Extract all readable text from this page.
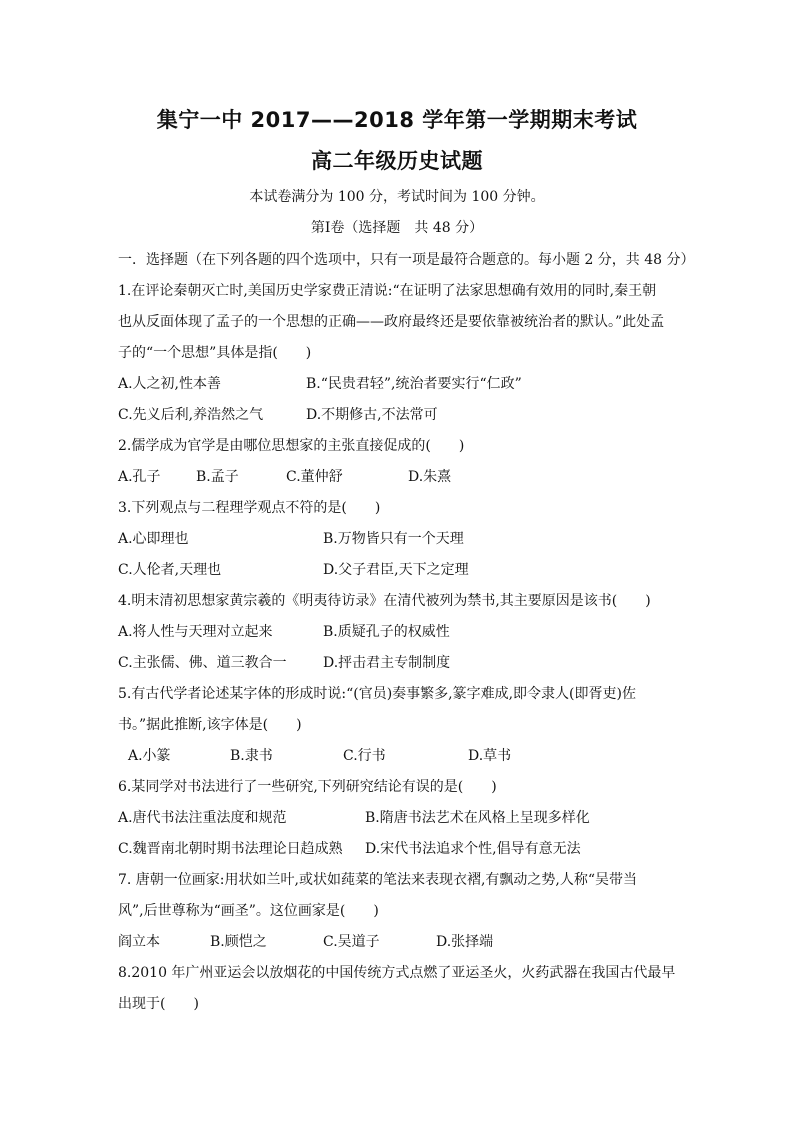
集宁一中 2017——2018 学年第一学期期末考试
高二年级历史试题
本试卷满分为 100 分，考试时间为 100 分钟。
第Ⅰ卷（选择题　共 48 分）
一．选择题（在下列各题的四个选项中，只有一项是最符合题意的。每小题 2 分，共 48 分）
1.在评论秦朝灭亡时,美国历史学家费正清说:“在证明了法家思想确有效用的同时,秦王朝
也从反面体现了孟子的一个思想的正确——政府最终还是要依靠被统治者的默认。”此处孟
子的“一个思想”具体是指(　　)
A.人之初,性本善	B.“民贵君轻”,统治者要实行“仁政”
C.先义后利,养浩然之气	D.不期修古,不法常可
2.儒学成为官学是由哪位思想家的主张直接促成的(　　)
A.孔子	B.孟子	C.董仲舒	D.朱熹
3.下列观点与二程理学观点不符的是(　　)
A.心即理也	B.万物皆只有一个天理
C.人伦者,天理也	D.父子君臣,天下之定理
4.明末清初思想家黄宗羲的《明夷待访录》在清代被列为禁书,其主要原因是该书(　　)
A.将人性与天理对立起来	B.质疑孔子的权威性
C.主张儒、佛、道三教合一	D.抨击君主专制制度
5.有古代学者论述某字体的形成时说:“(官员)奏事繁多,篆字难成,即令隶人(即胥吏)佐
书。”据此推断,该字体是(　　)
A.小篆	B.隶书	C.行书	D.草书
6.某同学对书法进行了一些研究,下列研究结论有误的是(　　)
A.唐代书法注重法度和规范	B.隋唐书法艺术在风格上呈现多样化
C.魏晋南北朝时期书法理论日趋成熟 D.宋代书法追求个性,倡导有意无法
7. 唐朝一位画家:用状如兰叶,或状如莼菜的笔法来表现衣褶,有飘动之势,人称“吴带当
风”,后世尊称为“画圣”。这位画家是(　　)
阎立本	B.顾恺之	C.吴道子	D.张择端
8.2010 年广州亚运会以放烟花的中国传统方式点燃了亚运圣火，火药武器在我国古代最早
出现于(　　)
